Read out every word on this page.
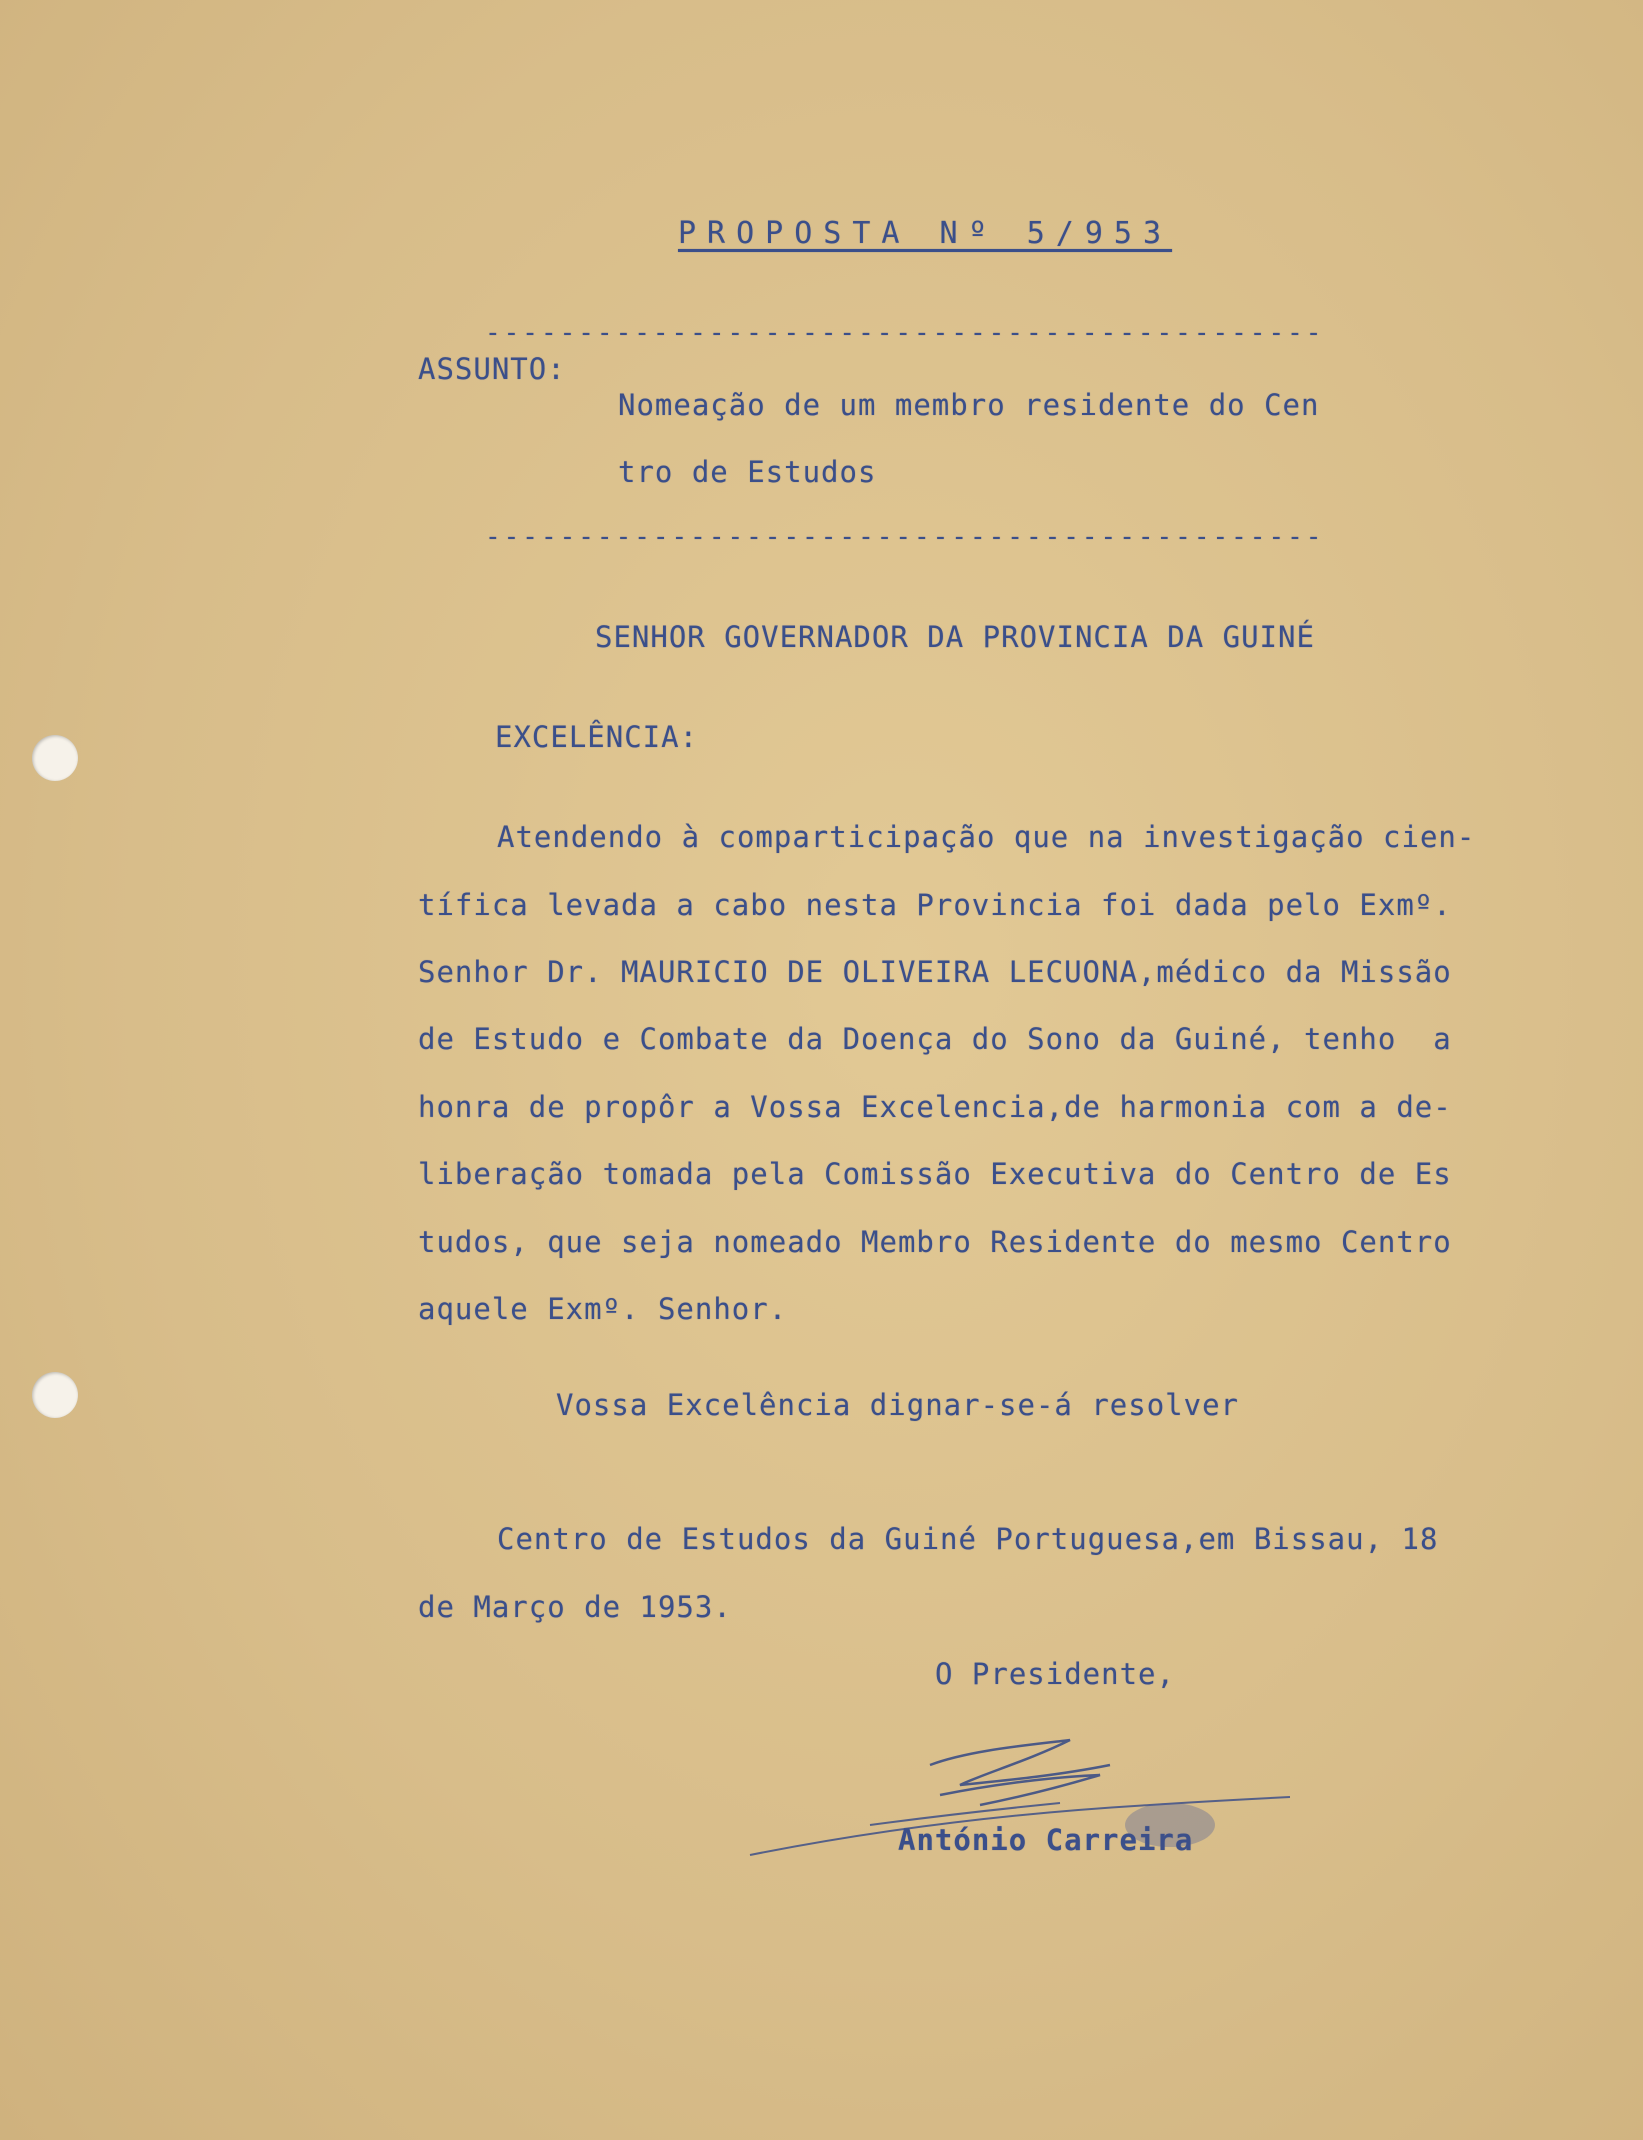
PROPOSTA Nº 5/953

---------------------------------------------

ASSUNTO:

Nomeação de um membro residente do Cen

tro de Estudos

---------------------------------------------

SENHOR GOVERNADOR DA PROVINCIA DA GUINÉ

EXCELÊNCIA:

Atendendo à comparticipação que na investigação cien-

tífica levada a cabo nesta Provincia foi dada pelo Exmº.

Senhor Dr. MAURICIO DE OLIVEIRA LECUONA,médico da Missão

de Estudo e Combate da Doença do Sono da Guiné, tenho  a

honra de propôr a Vossa Excelencia,de harmonia com a de-

liberação tomada pela Comissão Executiva do Centro de Es

tudos, que seja nomeado Membro Residente do mesmo Centro

aquele Exmº. Senhor.

Vossa Excelência dignar-se-á resolver

Centro de Estudos da Guiné Portuguesa,em Bissau, 18

de Março de 1953.

O Presidente,

António Carreira
